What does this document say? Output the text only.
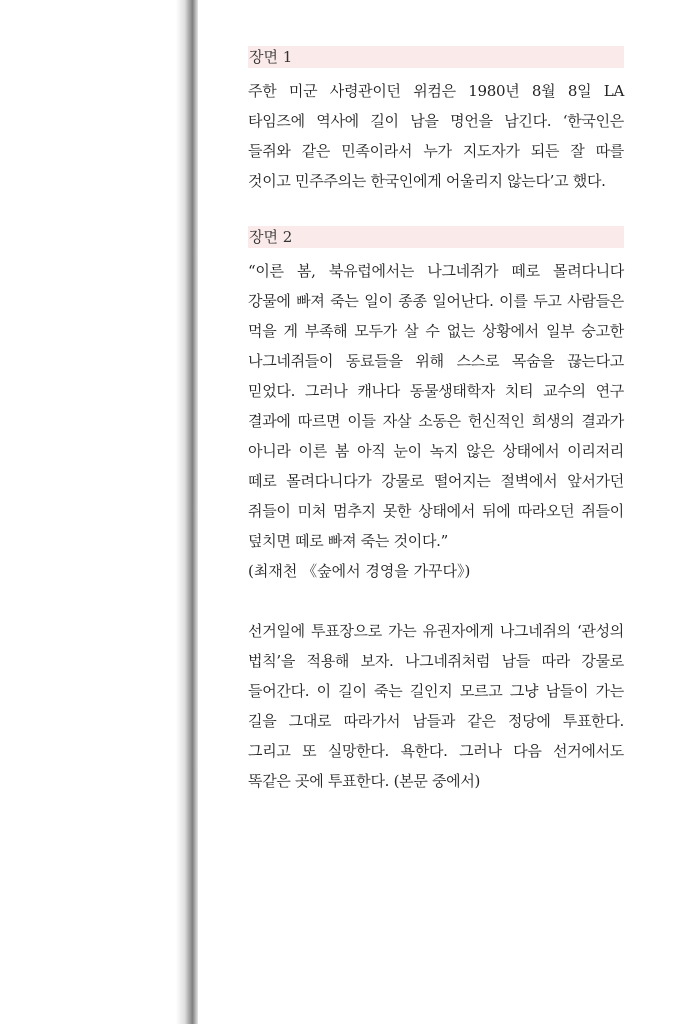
장면 1

주한 미군 사령관이던 위컴은 1980년 8월 8일 LA 타임즈에 역사에 길이 남을 명언을 남긴다. ‘한국인은 들쥐와 같은 민족이라서 누가 지도자가 되든 잘 따를 것이고 민주주의는 한국인에게 어울리지 않는다’고 했다.

장면 2

“이른 봄, 북유럽에서는 나그네쥐가 떼로 몰려다니다 강물에 빠져 죽는 일이 종종 일어난다. 이를 두고 사람들은 먹을 게 부족해 모두가 살 수 없는 상황에서 일부 숭고한 나그네쥐들이 동료들을 위해 스스로 목숨을 끊는다고 믿었다. 그러나 캐나다 동물생태학자 치티 교수의 연구 결과에 따르면 이들 자살 소동은 헌신적인 희생의 결과가 아니라 이른 봄 아직 눈이 녹지 않은 상태에서 이리저리 떼로 몰려다니다가 강물로 떨어지는 절벽에서 앞서가던 쥐들이 미처 멈추지 못한 상태에서 뒤에 따라오던 쥐들이 덮치면 떼로 빠져 죽는 것이다.”

(최재천 《숲에서 경영을 가꾸다》)

선거일에 투표장으로 가는 유권자에게 나그네쥐의 ‘관성의 법칙’을 적용해 보자. 나그네쥐처럼 남들 따라 강물로 들어간다. 이 길이 죽는 길인지 모르고 그냥 남들이 가는 길을 그대로 따라가서 남들과 같은 정당에 투표한다. 그리고 또 실망한다. 욕한다. 그러나 다음 선거에서도 똑같은 곳에 투표한다. (본문 중에서)
